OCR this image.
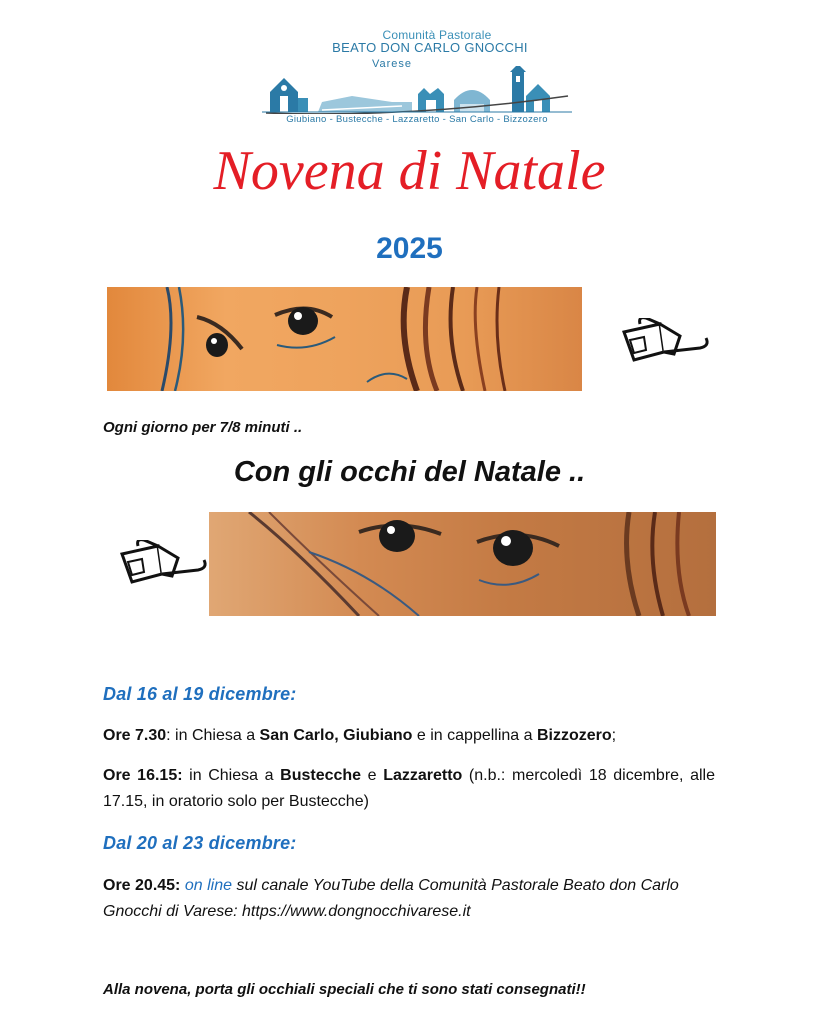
Comunità Pastorale
BEATO DON CARLO GNOCCHI
Varese
Giubiano - Bustecche - Lazzaretto - San Carlo - Bizzozero
Novena di Natale
2025
Ogni giorno per 7/8 minuti ..
Con gli occhi del Natale ..
Dal 16 al 19 dicembre:
Ore 7.30: in Chiesa a San Carlo, Giubiano e in cappellina a Bizzozero;
Ore 16.15: in Chiesa a Bustecche e Lazzaretto (n.b.: mercoledì 18 dicembre, alle 17.15, in oratorio solo per Bustecche)
Dal 20 al 23 dicembre:
Ore 20.45: on line sul canale YouTube della Comunità Pastorale Beato don Carlo Gnocchi di Varese: https://www.dongnocchivarese.it
Alla novena, porta gli occhiali speciali che ti sono stati consegnati!!
